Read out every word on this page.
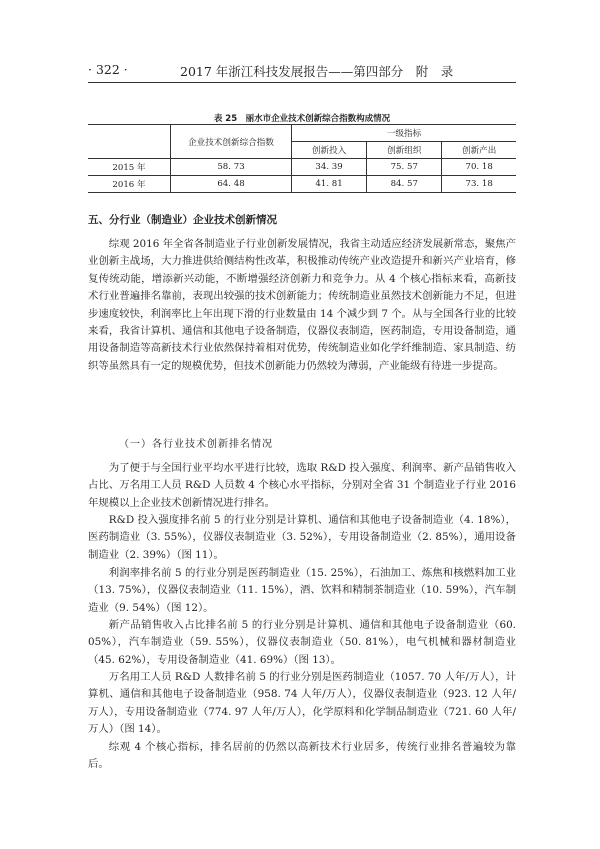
· 322 ·	2017 年浙江科技发展报告——第四部分　附　录
表 25　丽水市企业技术创新综合指数构成情况
	企业技术创新综合指数	一级指标		
		创新投入	创新组织	创新产出
2015 年	58. 73	34. 39	75. 57	70. 18
2016 年	64. 48	41. 81	84. 57	73. 18
五、分行业（制造业）企业技术创新情况

综观 2016 年全省各制造业子行业创新发展情况，我省主动适应经济发展新常态，聚焦产业创新主战场，大力推进供给侧结构性改革，积极推动传统产业改造提升和新兴产业培育，修复传统动能，增添新兴动能，不断增强经济创新力和竞争力。从 4 个核心指标来看，高新技术行业普遍排名靠前，表现出较强的技术创新能力；传统制造业虽然技术创新能力不足，但进步速度较快，利润率比上年出现下滑的行业数量由 14 个减少到 7 个。从与全国各行业的比较来看，我省计算机、通信和其他电子设备制造，仪器仪表制造，医药制造，专用设备制造，通用设备制造等高新技术行业依然保持着相对优势，传统制造业如化学纤维制造、家具制造、纺织等虽然具有一定的规模优势，但技术创新能力仍然较为薄弱，产业能级有待进一步提高。

（一）各行业技术创新排名情况

为了便于与全国行业平均水平进行比较，选取 R&D 投入强度、利润率、新产品销售收入占比、万名用工人员 R&D 人员数 4 个核心水平指标，分别对全省 31 个制造业子行业 2016 年规模以上企业技术创新情况进行排名。

R&D 投入强度排名前 5 的行业分别是计算机、通信和其他电子设备制造业（4. 18%），医药制造业（3. 55%），仪器仪表制造业（3. 52%），专用设备制造业（2. 85%），通用设备制造业（2. 39%）（图 11）。

利润率排名前 5 的行业分别是医药制造业（15. 25%），石油加工、炼焦和核燃料加工业（13. 75%），仪器仪表制造业（11. 15%），酒、饮料和精制茶制造业（10. 59%），汽车制造业（9. 54%）（图 12）。

新产品销售收入占比排名前 5 的行业分别是计算机、通信和其他电子设备制造业（60. 05%），汽车制造业（59. 55%），仪器仪表制造业（50. 81%），电气机械和器材制造业（45. 62%），专用设备制造业（41. 69%）（图 13）。

万名用工人员 R&D 人数排名前 5 的行业分别是医药制造业（1057. 70 人年/万人），计算机、通信和其他电子设备制造业（958. 74 人年/万人），仪器仪表制造业（923. 12 人年/万人），专用设备制造业（774. 97 人年/万人），化学原料和化学制品制造业（721. 60 人年/万人）（图 14）。

综观 4 个核心指标，排名居前的仍然以高新技术行业居多，传统行业排名普遍较为靠后。
